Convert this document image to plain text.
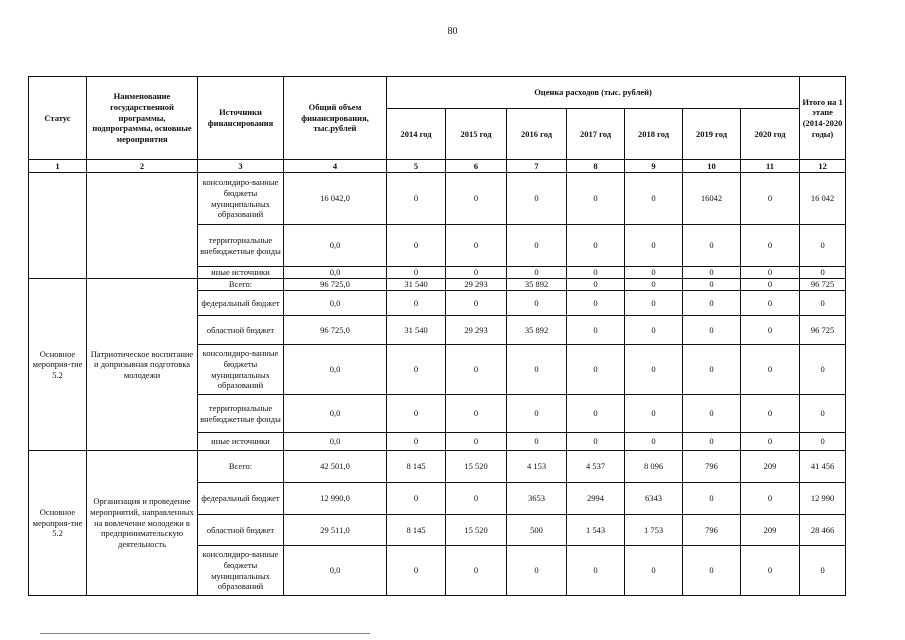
80
Статус	Наименование государственной программы, подпрограммы, основные мероприятия	Источники финансирования	Общий объем финансирования, тыс.рублей	Оценка расходов (тыс. рублей)							Итого на 1 этапе (2014-2020 годы)
				2014 год	2015 год	2016 год	2017 год	2018 год	2019 год	2020 год	
1	2	3	4	5	6	7	8	9	10	11	12
		консолидиро-ванные бюджеты муниципальных образований	16 042,0	0	0	0	0	0	16042	0	16 042
		территориальные внебюджетные фонды	0,0	0	0	0	0	0	0	0	0
		иные источники	0,0	0	0	0	0	0	0	0	0
Основное мероприя-тие 5.2	Патриотическое воспитание и допризывная подготовка молодежи	Всего:	96 725,0	31 540	29 293	35 892	0	0	0	0	96 725
		федеральный бюджет	0,0	0	0	0	0	0	0	0	0
		областной бюджет	96 725,0	31 540	29 293	35 892	0	0	0	0	96 725
		консолидиро-ванные бюджеты муниципальных образований	0,0	0	0	0	0	0	0	0	0
		территориальные внебюджетные фонды	0,0	0	0	0	0	0	0	0	0
		иные источники	0,0	0	0	0	0	0	0	0	0
Основное мероприя-тие 5.2	Организация и проведение мероприятий, направленных на вовлечение молодежи в предпринимательскую деятельность	Всего:	42 501,0	8 145	15 520	4 153	4 537	8 096	796	209	41 456
		федеральный бюджет	12 990,0	0	0	3653	2994	6343	0	0	12 990
		областной бюджет	29 511,0	8 145	15 520	500	1 543	1 753	796	209	28 466
		консолидиро-ванные бюджеты муниципальных образований	0,0	0	0	0	0	0	0	0	0
